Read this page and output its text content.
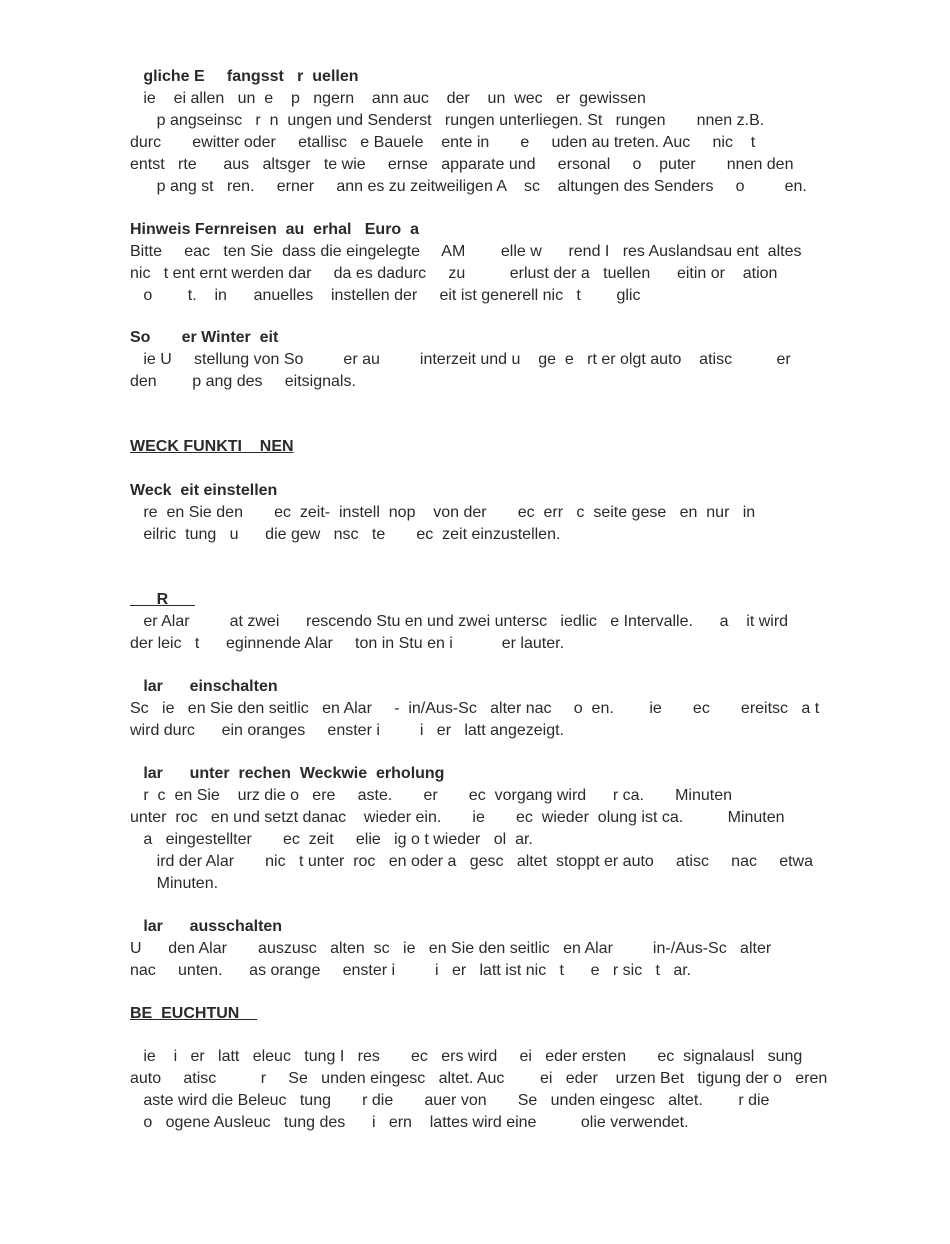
gliche E     fangsst   r  uellen
ie    ei allen   un  e    p   ngern    ann auc    der    un  wec   er  gewissen
p angseinsc   r  n  ungen und Senderst   rungen unterliegen. St   rungen       nnen z.B.
durc       ewitter oder     etallisc   e Bauele    ente in       e     uden au treten. Auc     nic    t
entst   rte      aus   altsger   te wie     ernse   apparate und     ersonal     o    puter       nnen den
p ang st   ren.     erner     ann es zu zeitweiligen A    sc    altungen des Senders     o         en.
Hinweis Fernreisen  au  erhal   Euro  a
Bitte     eac   ten Sie  dass die eingelegte     AM        elle w      rend I   res Auslandsau ent  altes
nic   t ent ernt werden dar     da es dadurc     zu          erlust der a   tuellen      eitin or    ation
o        t.    in      anuelles    instellen der     eit ist generell nic   t        glic
So       er Winter  eit
ie U     stellung von So         er au         interzeit und u    ge  e   rt er olgt auto    atisc          er
den        p ang des     eitsignals.
WECK FUNKTI    NEN
Weck  eit einstellen
re  en Sie den       ec  zeit-  instell  nop    von der       ec  err   c  seite gese   en  nur   in
eilric  tung   u      die gew   nsc   te       ec  zeit einzustellen.
R
er Alar         at zwei      rescendo Stu en und zwei untersc   iedlic   e Intervalle.      a    it wird
der leic   t      eginnende Alar     ton in Stu en i           er lauter.
lar      einschalten
Sc   ie   en Sie den seitlic   en Alar     -  in/Aus-Sc   alter nac     o  en.        ie       ec       ereitsc   a t
wird durc      ein oranges     enster i         i   er   latt angezeigt.
lar      unter  rechen  Weckwie  erholung
r  c  en Sie    urz die o   ere     aste.       er       ec  vorgang wird      r ca.       Minuten
unter  roc   en und setzt danac    wieder ein.       ie       ec  wieder  olung ist ca.          Minuten
a   eingestellter       ec  zeit     elie   ig o t wieder   ol  ar.
ird der Alar       nic   t unter  roc   en oder a   gesc   altet  stoppt er auto     atisc     nac     etwa
Minuten.
lar      ausschalten
U      den Alar       auszusc   alten  sc   ie   en Sie den seitlic   en Alar         in-/Aus-Sc   alter
nac     unten.      as orange     enster i         i   er   latt ist nic   t      e   r sic   t   ar.
BE  EUCHTUN
ie    i   er   latt   eleuc   tung I   res       ec   ers wird     ei   eder ersten       ec  signalausl   sung
auto     atisc          r     Se   unden eingesc   altet. Auc        ei   eder    urzen Bet   tigung der o   eren
aste wird die Beleuc   tung       r die       auer von       Se   unden eingesc   altet.        r die
o   ogene Ausleuc   tung des      i   ern    lattes wird eine          olie verwendet.
